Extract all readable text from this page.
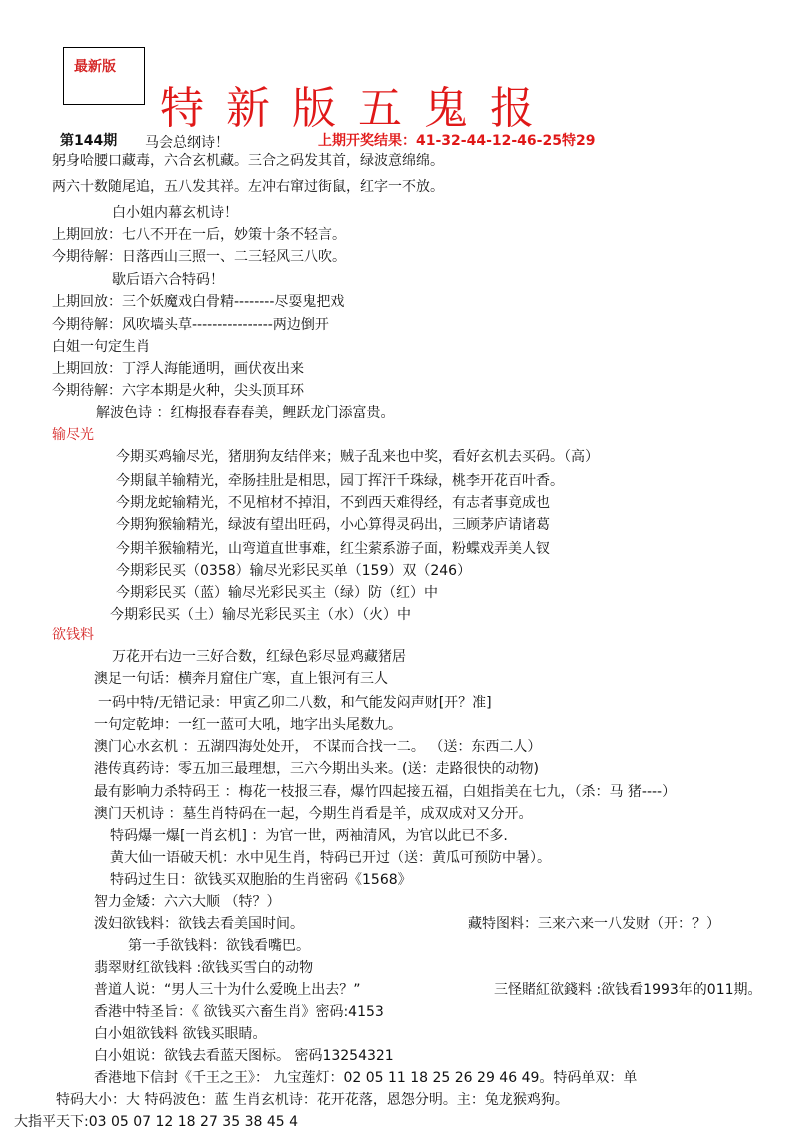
最新版
特新版五鬼报
第144期 马会总纲诗！	上期开奖结果：41-32-44-12-46-25特29
躬身哈腰口藏毒，六合玄机藏。三合之码发其首，绿波意绵绵。
两六十数随尾追，五八发其祥。左冲右窜过街鼠，红字一不放。
白小姐内幕玄机诗！
上期回放：七八不开在一后，妙策十条不轻言。
今期待解：日落西山三照一、二三轻风三八吹。
歇后语六合特码！
上期回放：三个妖魔戏白骨精--------尽耍鬼把戏
今期待解：风吹墙头草----------------两边倒开
白姐一句定生肖
上期回放：丁浮人海能通明，画伏夜出来
今期待解：六字本期是火种，尖头顶耳环
解波色诗 ：红梅报春春春美，鲤跃龙门添富贵。
今期买鸡输尽光，猪朋狗友结伴来；贼子乱来也中奖，看好玄机去买码。（高）
今期鼠羊输精光，牵肠挂肚是相思，园丁挥汗千珠绿，桃李开花百叶香。
今期龙蛇输精光，不见棺材不掉泪，不到西天难得经，有志者事竟成也
今期狗猴输精光，绿波有望出旺码，小心算得灵码出，三顾茅庐请诸葛
今期羊猴输精光，山弯道直世事难，红尘萦系游子面，粉蝶戏弄美人钗
今期彩民买（0358）输尽光彩民买单（159）双（246）
今期彩民买（蓝）输尽光彩民买主（绿）防（红）中
今期彩民买（土）输尽光彩民买主（水）（火）中
万花开右边一三好合数，红绿色彩尽显鸡藏猪居
澳足一句话：横奔月窟住广寒，直上银河有三人
一码中特/无错记录：甲寅乙卯二八数，和气能发闷声财[开？准]
一句定乾坤：一红一蓝可大吼，地字出头尾数九。
澳门心水玄机 ：五湖四海处处开， 不谋而合找一二。 （送：东西二人）
港传真药诗：零五加三最理想，三六今期出头来。(送：走路很快的动物)
最有影响力杀特码王 ：梅花一枝报三春，爆竹四起接五福，白姐指美在七九，（杀：马 猪----）
澳门天机诗 ：墓生肖特码在一起，今期生肖看是羊，成双成对又分开。
特码爆一爆[一肖玄机] ：为官一世，两袖清风，为官以此已不多.
黄大仙一语破天机：水中见生肖，特码已开过（送：黄瓜可预防中暑）。
特码过生日：欲钱买双胞胎的生肖密码《1568》
智力金矮：六六大顺 （特？）
泼妇欲钱料：欲钱去看美国时间。	藏特图料：三来六来一八发财（开：？）
第一手欲钱料：欲钱看嘴巴。
翡翠财红欲钱料 :欲钱买雪白的动物
普道人说：“男人三十为什么爱晚上出去？”	三怪賭紅欲錢料 :欲钱看1993年的011期。
香港中特圣旨：《 欲钱买六畜生肖》密码:4153
白小姐欲钱料 欲钱买眼睛。
白小姐说：欲钱去看蓝天图标。 密码13254321
香港地下信封《千王之王》： 九宝莲灯：02 05 11 18 25 26 29 46 49。特码单双：单
特码大小：大 特码波色：蓝 生肖玄机诗：花开花落，恩怨分明。主：兔龙猴鸡狗。
大指平天下:03 05 07 12 18 27 35 38 45 4
输尽光
欲钱料
